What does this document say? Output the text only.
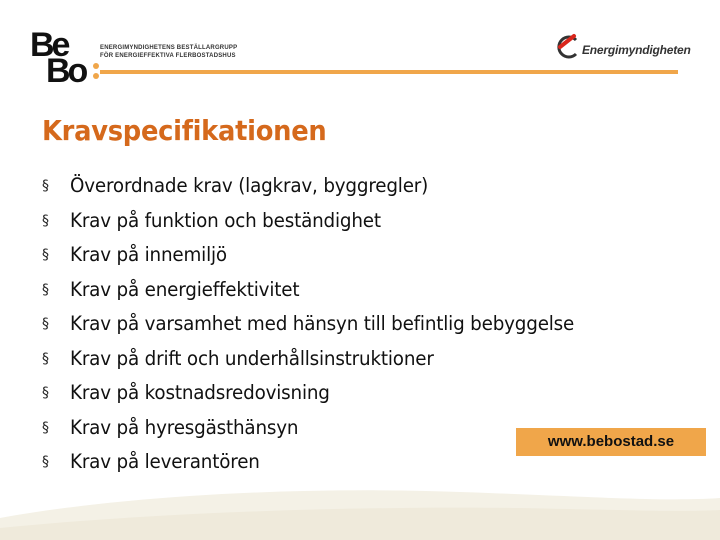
Be
Bo
ENERGIMYNDIGHETENS BESTÄLLARGRUPP
FÖR ENERGIEFFEKTIVA FLERBOSTADSHUS	Energimyndigheten
Kravspecifikationen
§ Överordnade krav (lagkrav, byggregler)
§ Krav på funktion och beständighet
§ Krav på innemiljö
§ Krav på energieffektivitet
§ Krav på varsamhet med hänsyn till befintlig bebyggelse
§ Krav på drift och underhållsinstruktioner
§ Krav på kostnadsredovisning
§ Krav på hyresgästhänsyn
§ Krav på leverantören
www.bebostad.se
